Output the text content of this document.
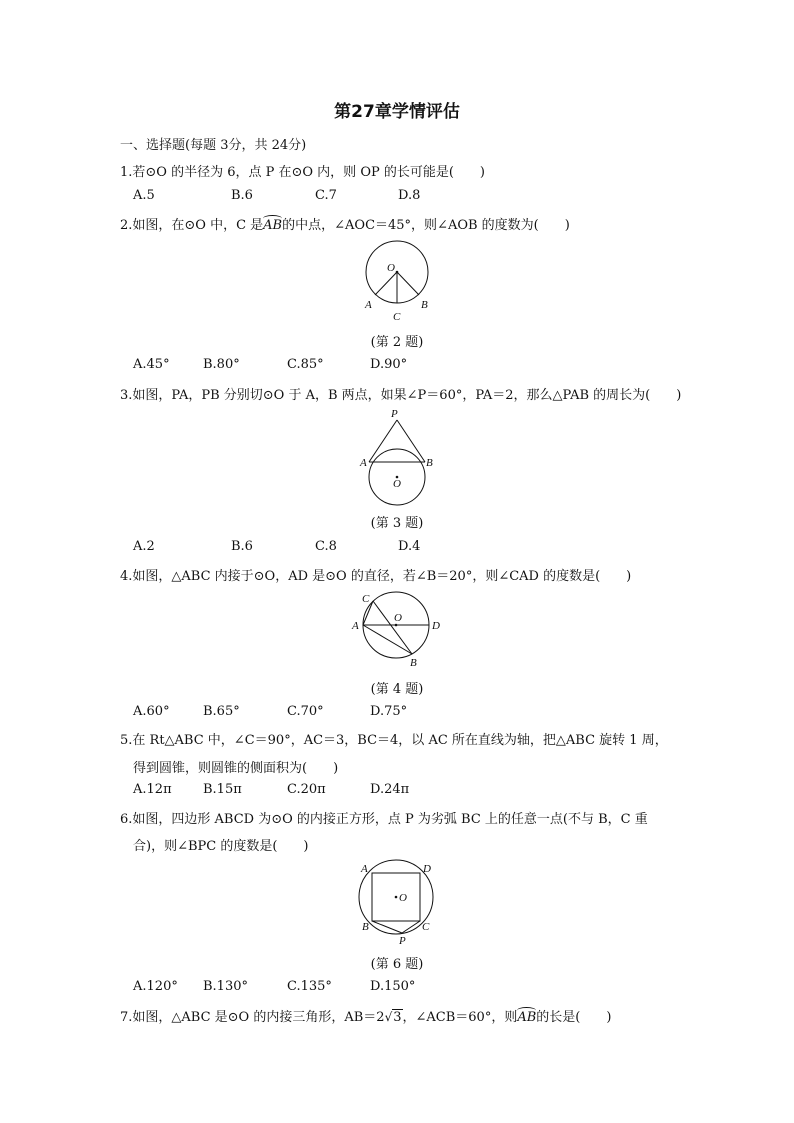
第27章学情评估
一、选择题(每题 3分，共 24分)
1.若⊙O 的半径为 6，点 P 在⊙O 内，则 OP 的长可能是(　　)
A.5	B.6	C.7	D.8
2.如图，在⊙O 中，C 是AB的中点，∠AOC＝45°，则∠AOB 的度数为(　　)
O
A
C
B
(第 2 题)
A.45°	B.80°	C.85°	D.90°
3.如图，PA，PB 分别切⊙O 于 A，B 两点，如果∠P＝60°，PA＝2，那么△PAB 的周长为(　　)
P
A	B
O
(第 3 题)
A.2	B.6	C.8	D.4
4.如图，△ABC 内接于⊙O，AD 是⊙O 的直径，若∠B＝20°，则∠CAD 的度数是(　　)
C
O
A	D
B
(第 4 题)
A.60°	B.65°	C.70°	D.75°
5.在 Rt△ABC 中，∠C＝90°，AC＝3，BC＝4，以 AC 所在直线为轴，把△ABC 旋转 1 周，
得到圆锥，则圆锥的侧面积为(　　)
A.12π B.15π	C.20π	D.24π
6.如图，四边形 ABCD 为⊙O 的内接正方形，点 P 为劣弧 BC 上的任意一点(不与 B，C 重
合)，则∠BPC 的度数是(　　)
A	D
O
B
P
C
(第 6 题)
A.120° B.130°	C.135°	D.150°
7.如图，△ABC 是⊙O 的内接三角形，AB＝2√3，∠ACB＝60°，则AB的长是(　　)
